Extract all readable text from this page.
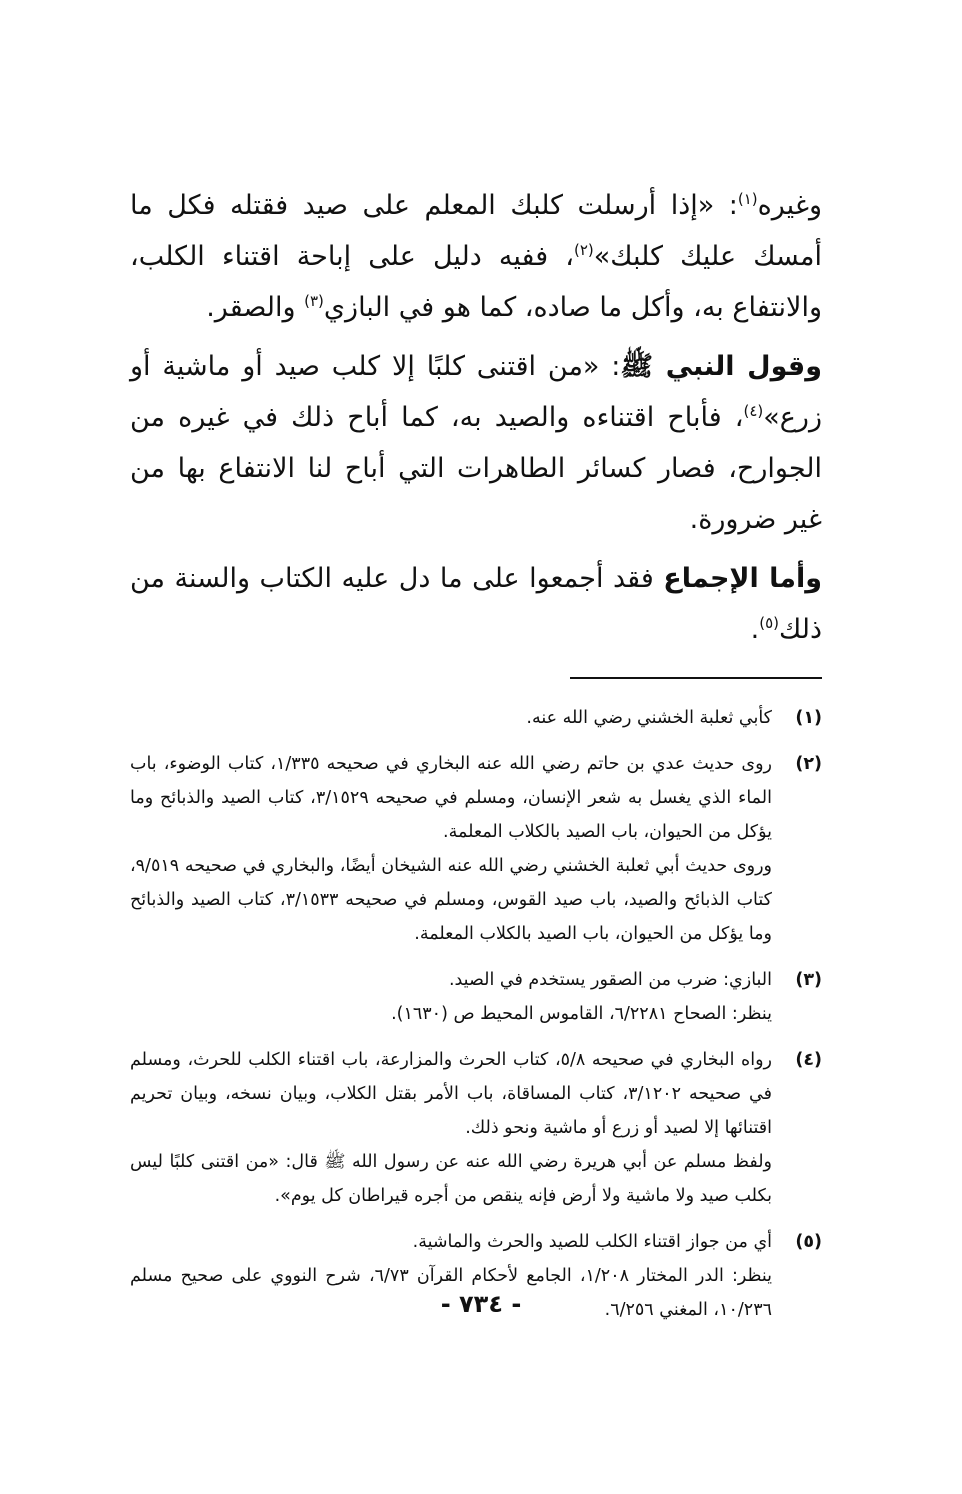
وغيره$^{(١)}$: «إذا أرسلت كلبك المعلم على صيد فقتله فكل ما أمسك عليك كلبك»$^{(٢)}$، ففيه دليل على إباحة اقتناء الكلب، والانتفاع به، وأكل ما صاده، كما هو في البازي$^{(٣)}$ والصقر.

وقول النبي ﷺ: «من اقتنى كلبًا إلا كلب صيد أو ماشية أو زرع»$^{(٤)}$، فأباح اقتناءه والصيد به، كما أباح ذلك في غيره من الجوارح، فصار كسائر الطاهرات التي أباح لنا الانتفاع بها من غير ضرورة.

وأما الإجماع فقد أجمعوا على ما دل عليه الكتاب والسنة من ذلك$^{(٥)}$.

(١)
كأبي ثعلبة الخشني رضي الله عنه.
(٢)
روى حديث عدي بن حاتم رضي الله عنه البخاري في صحيحه ١/٣٣٥، كتاب الوضوء، باب الماء الذي يغسل به شعر الإنسان، ومسلم في صحيحه ٣/١٥٢٩، كتاب الصيد والذبائح وما يؤكل من الحيوان، باب الصيد بالكلاب المعلمة.
وروى حديث أبي ثعلبة الخشني رضي الله عنه الشيخان أيضًا، والبخاري في صحيحه ٩/٥١٩، كتاب الذبائح والصيد، باب صيد القوس، ومسلم في صحيحه ٣/١٥٣٣، كتاب الصيد والذبائح وما يؤكل من الحيوان، باب الصيد بالكلاب المعلمة.
(٣)
البازي: ضرب من الصقور يستخدم في الصيد.
ينظر: الصحاح ٦/٢٢٨١، القاموس المحيط ص (١٦٣٠).
(٤)
رواه البخاري في صحيحه ٥/٨، كتاب الحرث والمزارعة، باب اقتناء الكلب للحرث، ومسلم في صحيحه ٣/١٢٠٢، كتاب المساقاة، باب الأمر بقتل الكلاب، وبيان نسخه، وبيان تحريم اقتنائها إلا لصيد أو زرع أو ماشية ونحو ذلك.
ولفظ مسلم عن أبي هريرة رضي الله عنه عن رسول الله ﷺ قال: «من اقتنى كلبًا ليس بكلب صيد ولا ماشية ولا أرض فإنه ينقص من أجره قيراطان كل يوم».
(٥)
أي من جواز اقتناء الكلب للصيد والحرث والماشية.
ينظر: الدر المختار ١/٢٠٨، الجامع لأحكام القرآن ٦/٧٣، شرح النووي على صحيح مسلم ١٠/٢٣٦، المغني ٦/٢٥٦.
- ٧٣٤ -
